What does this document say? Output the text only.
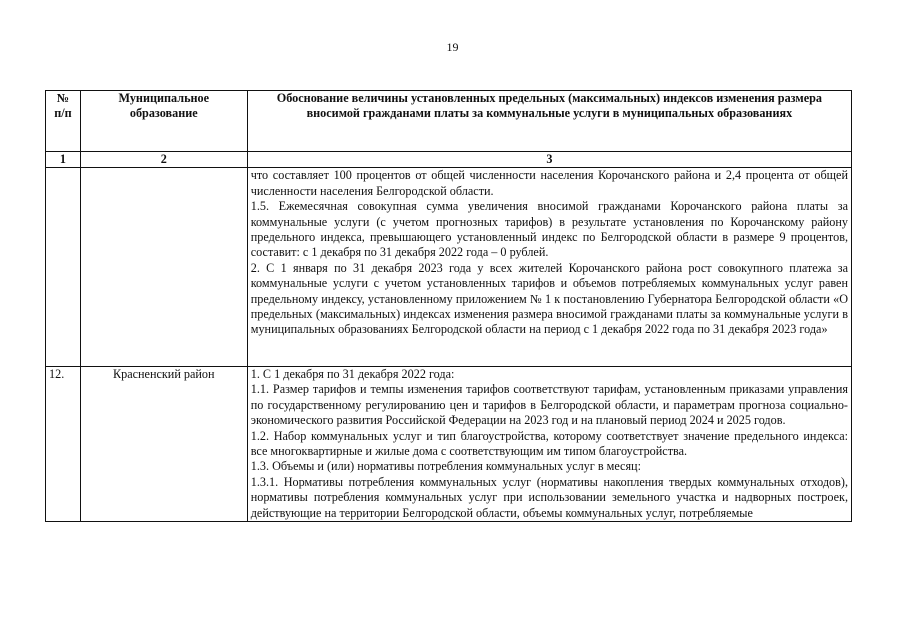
19
№
п/п	Муниципальное образование	Обоснование величины установленных предельных (максимальных) индексов изменения размера вносимой гражданами платы за коммунальные услуги в муниципальных образованиях
1	2	3

		что составляет 100 процентов от общей численности населения Корочанского района и 2,4 процента от общей численности населения Белгородской области.

1.5. Ежемесячная совокупная сумма увеличения вносимой гражданами Корочанского района платы за коммунальные услуги (с учетом прогнозных тарифов) в результате установления по Корочанскому району предельного индекса, превышающего установленный индекс по Белгородской области в размере 9 процентов, составит: с 1 декабря по 31 декабря 2022 года – 0 рублей.

2. С 1 января по 31 декабря 2023 года у всех жителей Корочанского района рост совокупного платежа за коммунальные услуги с учетом установленных тарифов и объемов потребляемых коммунальных услуг равен предельному индексу, установленному приложением № 1 к постановлению Губернатора Белгородской области «О предельных (максимальных) индексах изменения размера вносимой гражданами платы за коммунальные услуги в муниципальных образованиях Белгородской области на период с 1 декабря 2022 года по 31 декабря 2023 года»

12.	Красненский район	1. С 1 декабря по 31 декабря 2022 года:

1.1. Размер тарифов и темпы изменения тарифов соответствуют тарифам, установленным приказами управления по государственному регулированию цен и тарифов в Белгородской области, и параметрам прогноза социально-экономического развития Российской Федерации на 2023 год и на плановый период 2024 и 2025 годов.

1.2. Набор коммунальных услуг и тип благоустройства, которому соответствует значение предельного индекса: все многоквартирные и жилые дома с соответствующим им типом благоустройства.

1.3. Объемы и (или) нормативы потребления коммунальных услуг в месяц:

1.3.1. Нормативы потребления коммунальных услуг (нормативы накопления твердых коммунальных отходов), нормативы потребления коммунальных услуг при использовании земельного участка и надворных построек, действующие на территории Белгородской области, объемы коммунальных услуг, потребляемые
